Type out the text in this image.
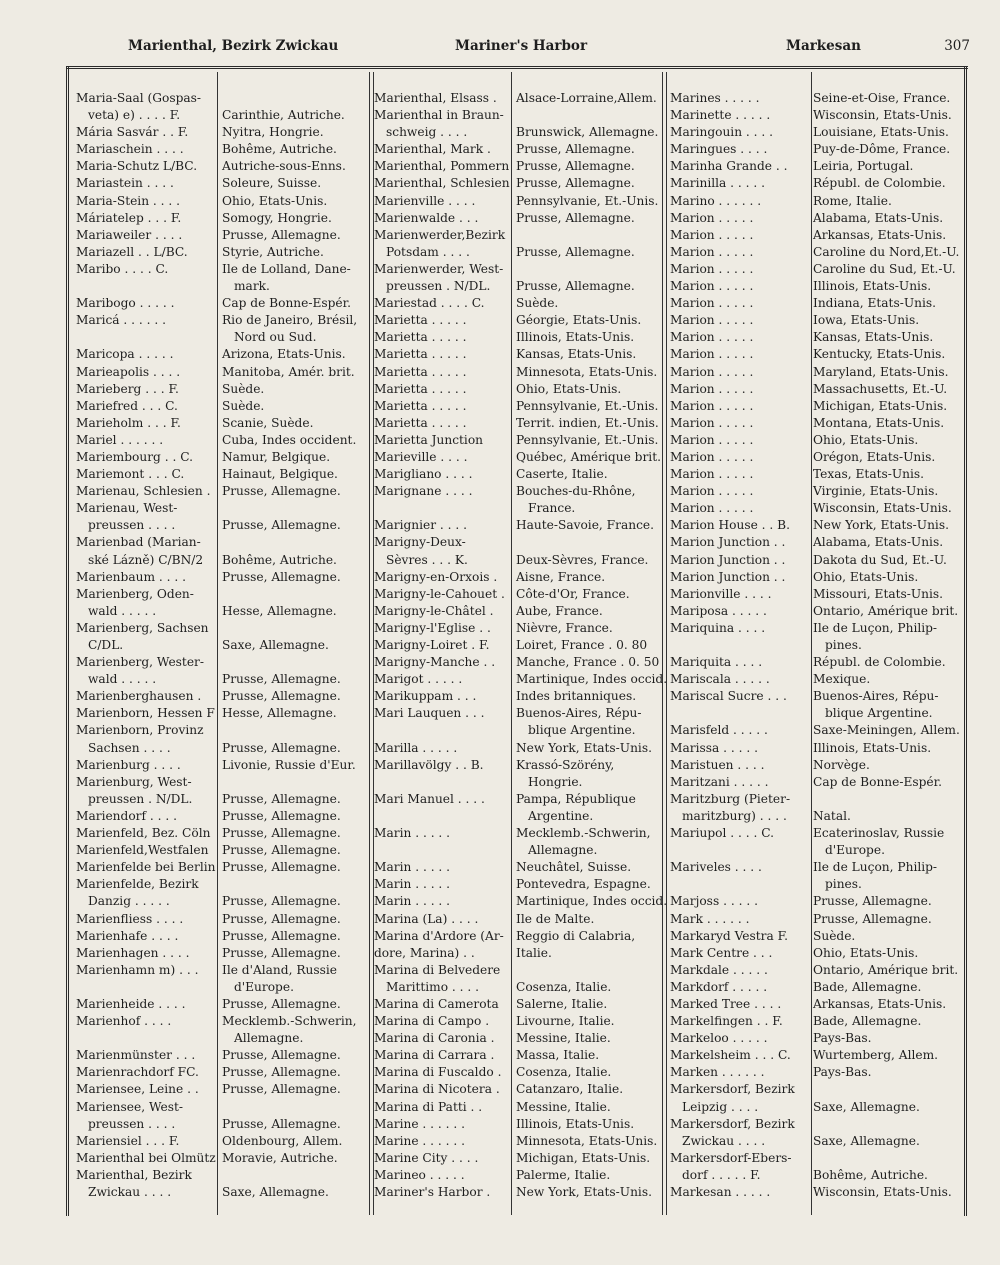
Marienthal, Bezirk Zwickau	Mariner's Harbor	Markesan	307
Maria-Saal (Gospas-
veta) e) . . . . F.	Carinthie, Autriche.
Mária Sasvár . . F.	Nyitra, Hongrie.
Mariaschein . . . .	Bohême, Autriche.
Maria-Schutz L/BC. Autriche-sous-Enns.
Mariastein . . . .	Soleure, Suisse.
Maria-Stein . . . .	Ohio, Etats-Unis.
Máriatelep . . . F.	Somogy, Hongrie.
Mariaweiler . . . .	Prusse, Allemagne.
Mariazell . . L/BC.	Styrie, Autriche.
Maribo . . . . C.	Ile de Lolland, Dane-
mark.
Maribogo . . . . .	Cap de Bonne-Espér.
Maricá . . . . . .	Rio de Janeiro, Brésil,
Nord ou Sud.
Maricopa . . . . .	Arizona, Etats-Unis.
Marieapolis . . . .	Manitoba, Amér. brit.
Marieberg . . . F.	Suède.
Mariefred . . . C.	Suède.
Marieholm . . . F.	Scanie, Suède.
Mariel . . . . . .	Cuba, Indes occident.
Mariembourg . . C. Namur, Belgique.
Mariemont . . . C.	Hainaut, Belgique.
Marienau, Schlesien . Prusse, Allemagne.
Marienau, West-
preussen . . . .	Prusse, Allemagne.
Marienbad (Marian-
ské Lázně) C/BN/2 Bohême, Autriche.
Marienbaum . . . .	Prusse, Allemagne.
Marienberg, Oden-
wald . . . . .	Hesse, Allemagne.
Marienberg, Sachsen
C/DL.	Saxe, Allemagne.
Marienberg, Wester-
wald . . . . .	Prusse, Allemagne.
Marienberghausen . Prusse, Allemagne.
Marienborn, Hessen F Hesse, Allemagne.
Marienborn, Provinz
Sachsen . . . .	Prusse, Allemagne.
Marienburg . . . .	Livonie, Russie d'Eur.
Marienburg, West-
preussen . N/DL. Prusse, Allemagne.
Mariendorf . . . .	Prusse, Allemagne.
Marienfeld, Bez. Cöln Prusse, Allemagne.
Marienfeld,Westfalen Prusse, Allemagne.
Marienfelde bei Berlin Prusse, Allemagne.
Marienfelde, Bezirk
Danzig . . . . .	Prusse, Allemagne.
Marienfliess . . . .	Prusse, Allemagne.
Marienhafe . . . .	Prusse, Allemagne.
Marienhagen . . . .	Prusse, Allemagne.
Marienhamn m) . . . Ile d'Aland, Russie
d'Europe.
Marienheide . . . .	Prusse, Allemagne.
Marienhof . . . .	Mecklemb.-Schwerin,
Allemagne.
Marienmünster . . . Prusse, Allemagne.
Marienrachdorf FC. Prusse, Allemagne.
Mariensee, Leine . . Prusse, Allemagne.
Mariensee, West-
preussen . . . .	Prusse, Allemagne.
Mariensiel . . . F.	Oldenbourg, Allem.
Marienthal bei Olmütz Moravie, Autriche.
Marienthal, Bezirk
Zwickau . . . .	Saxe, Allemagne.
Marienthal, Elsass . Alsace-Lorraine,Allem.
Marienthal in Braun-
schweig . . . .	Brunswick, Allemagne.
Marienthal, Mark . Prusse, Allemagne.
Marienthal, Pommern Prusse, Allemagne.
Marienthal, Schlesien Prusse, Allemagne.
Marienville . . . .	Pennsylvanie, Et.-Unis.
Marienwalde . . .	Prusse, Allemagne.
Marienwerder,Bezirk
Potsdam . . . .	Prusse, Allemagne.
Marienwerder, West-
preussen . N/DL. Prusse, Allemagne.
Mariestad . . . . C.	Suède.
Marietta . . . . .	Géorgie, Etats-Unis.
Marietta . . . . .	Illinois, Etats-Unis.
Marietta . . . . .	Kansas, Etats-Unis.
Marietta . . . . .	Minnesota, Etats-Unis.
Marietta . . . . .	Ohio, Etats-Unis.
Marietta . . . . .	Pennsylvanie, Et.-Unis.
Marietta . . . . .	Territ. indien, Et.-Unis.
Marietta Junction	Pennsylvanie, Et.-Unis.
Marieville . . . .	Québec, Amérique brit.
Marigliano . . . .	Caserte, Italie.
Marignane . . . .	Bouches-du-Rhône,
France.
Marignier . . . .	Haute-Savoie, France.
Marigny-Deux-
Sèvres . . . K.	Deux-Sèvres, France.
Marigny-en-Orxois . Aisne, France.
Marigny-le-Cahouet . Côte-d'Or, France.
Marigny-le-Châtel . Aube, France.
Marigny-l'Eglise . . Nièvre, France.
Marigny-Loiret . F. Loiret, France . 0. 80
Marigny-Manche . . Manche, France . 0. 50
Marigot . . . . .	Martinique, Indes occid.
Marikuppam . . .	Indes britanniques.
Mari Lauquen . . .	Buenos-Aires, Répu-
blique Argentine.
Marilla . . . . .	New York, Etats-Unis.
Marillavölgy . . B.	Krassó-Szörény,
Hongrie.
Mari Manuel . . . .	Pampa, République
Argentine.
Marin . . . . .	Mecklemb.-Schwerin,
Allemagne.
Marin . . . . .	Neuchâtel, Suisse.
Marin . . . . .	Pontevedra, Espagne.
Marin . . . . .	Martinique, Indes occid.
Marina (La) . . . .	Ile de Malte.
Marina d'Ardore (Ar- Reggio di Calabria,
dore, Marina) . .	Italie.
Marina di Belvedere
Marittimo . . . .	Cosenza, Italie.
Marina di Camerota Salerne, Italie.
Marina di Campo . Livourne, Italie.
Marina di Caronia . Messine, Italie.
Marina di Carrara . Massa, Italie.
Marina di Fuscaldo . Cosenza, Italie.
Marina di Nicotera . Catanzaro, Italie.
Marina di Patti . .	Messine, Italie.
Marine . . . . . .	Illinois, Etats-Unis.
Marine . . . . . .	Minnesota, Etats-Unis.
Marine City . . . .	Michigan, Etats-Unis.
Marineo . . . . .	Palerme, Italie.
Mariner's Harbor . New York, Etats-Unis.
Marines . . . . .	Seine-et-Oise, France.
Marinette . . . . .	Wisconsin, Etats-Unis.
Maringouin . . . .	Louisiane, Etats-Unis.
Maringues . . . .	Puy-de-Dôme, France.
Marinha Grande . . Leiria, Portugal.
Marinilla . . . . .	Républ. de Colombie.
Marino . . . . . .	Rome, Italie.
Marion . . . . .	Alabama, Etats-Unis.
Marion . . . . .	Arkansas, Etats-Unis.
Marion . . . . .	Caroline du Nord,Et.-U.
Marion . . . . .	Caroline du Sud, Et.-U.
Marion . . . . .	Illinois, Etats-Unis.
Marion . . . . .	Indiana, Etats-Unis.
Marion . . . . .	Iowa, Etats-Unis.
Marion . . . . .	Kansas, Etats-Unis.
Marion . . . . .	Kentucky, Etats-Unis.
Marion . . . . .	Maryland, Etats-Unis.
Marion . . . . .	Massachusetts, Et.-U.
Marion . . . . .	Michigan, Etats-Unis.
Marion . . . . .	Montana, Etats-Unis.
Marion . . . . .	Ohio, Etats-Unis.
Marion . . . . .	Orégon, Etats-Unis.
Marion . . . . .	Texas, Etats-Unis.
Marion . . . . .	Virginie, Etats-Unis.
Marion . . . . .	Wisconsin, Etats-Unis.
Marion House . . B. New York, Etats-Unis.
Marion Junction . . Alabama, Etats-Unis.
Marion Junction . . Dakota du Sud, Et.-U.
Marion Junction . . Ohio, Etats-Unis.
Marionville . . . .	Missouri, Etats-Unis.
Mariposa . . . . .	Ontario, Amérique brit.
Mariquina . . . .	Ile de Luçon, Philip-
pines.
Mariquita . . . .	Républ. de Colombie.
Mariscala . . . . .	Mexique.
Mariscal Sucre . . . Buenos-Aires, Répu-
blique Argentine.
Marisfeld . . . . .	Saxe-Meiningen, Allem.
Marissa . . . . .	Illinois, Etats-Unis.
Maristuen . . . .	Norvège.
Maritzani . . . . .	Cap de Bonne-Espér.
Maritzburg (Pieter-
maritzburg) . . . . Natal.
Mariupol . . . . C.	Ecaterinoslav, Russie
d'Europe.
Mariveles . . . .	Ile de Luçon, Philip-
pines.
Marjoss . . . . .	Prusse, Allemagne.
Mark . . . . . .	Prusse, Allemagne.
Markaryd Vestra F. Suède.
Mark Centre . . .	Ohio, Etats-Unis.
Markdale . . . . .	Ontario, Amérique brit.
Markdorf . . . . .	Bade, Allemagne.
Marked Tree . . . .	Arkansas, Etats-Unis.
Markelfingen . . F. Bade, Allemagne.
Markeloo . . . . .	Pays-Bas.
Markelsheim . . . C. Wurtemberg, Allem.
Marken . . . . . .	Pays-Bas.
Markersdorf, Bezirk
Leipzig . . . .	Saxe, Allemagne.
Markersdorf, Bezirk
Zwickau . . . .	Saxe, Allemagne.
Markersdorf-Ebers-
dorf . . . . . F.	Bohême, Autriche.
Markesan . . . . .	Wisconsin, Etats-Unis.
